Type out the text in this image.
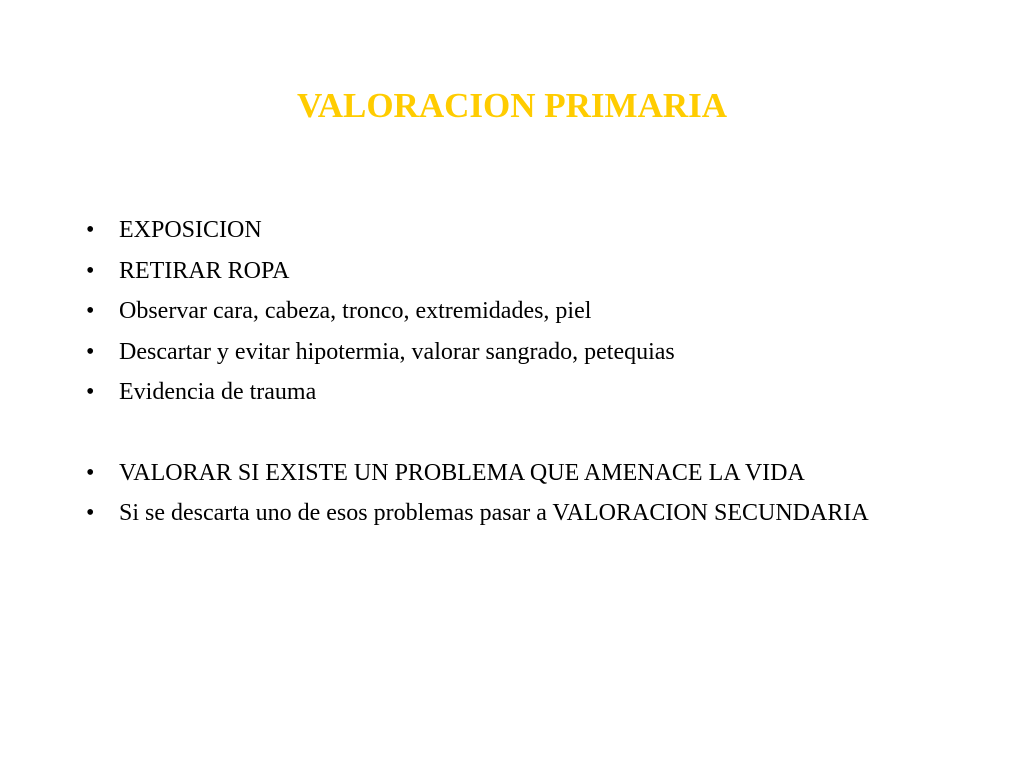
VALORACION PRIMARIA
•	EXPOSICION
•	RETIRAR ROPA
•	Observar cara, cabeza, tronco, extremidades, piel
•	Descartar y evitar hipotermia, valorar sangrado, petequias
•	Evidencia de trauma
•	VALORAR SI EXISTE UN PROBLEMA QUE AMENACE LA VIDA
•	Si se descarta uno de esos problemas pasar a VALORACION SECUNDARIA
